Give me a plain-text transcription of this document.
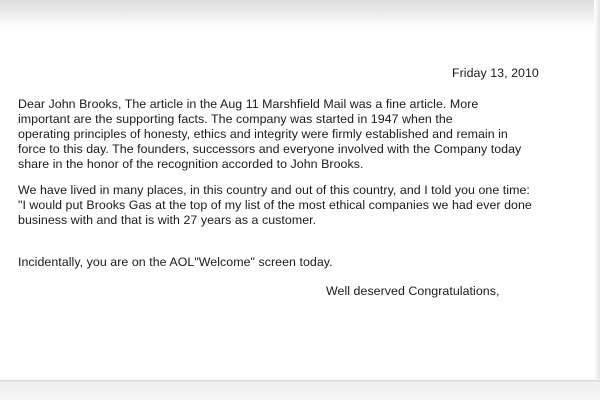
Friday 13, 2010
Dear John Brooks, The article in the Aug 11 Marshfield Mail was a fine article. More
important are the supporting facts. The company was started in 1947 when the
operating principles of honesty, ethics and integrity were firmly established and remain in
force to this day. The founders, successors and everyone involved with the Company today
share in the honor of the recognition accorded to John Brooks.
We have lived in many places, in this country and out of this country, and I told you one time:
"I would put Brooks Gas at the top of my list of the most ethical companies we had ever done
business with and that is with 27 years as a customer.
Incidentally, you are on the AOL"Welcome" screen today.
Well deserved Congratulations,
